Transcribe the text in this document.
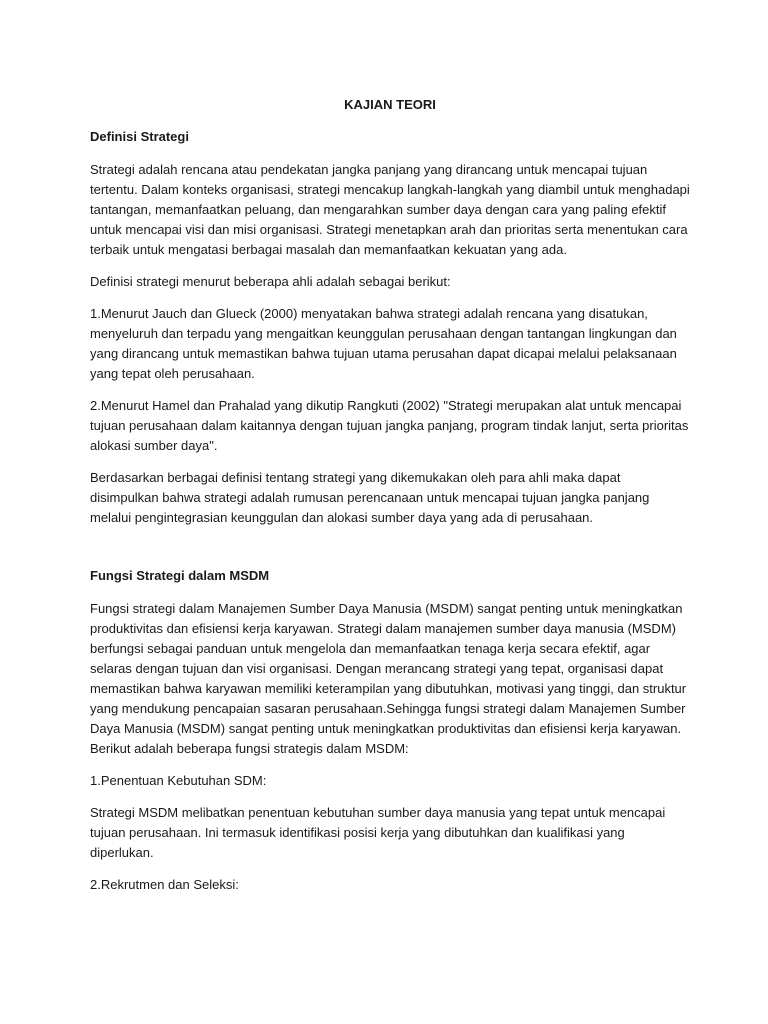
KAJIAN TEORI
Definisi Strategi

Strategi adalah rencana atau pendekatan jangka panjang yang dirancang untuk mencapai tujuan tertentu. Dalam konteks organisasi, strategi mencakup langkah-langkah yang diambil untuk menghadapi tantangan, memanfaatkan peluang, dan mengarahkan sumber daya dengan cara yang paling efektif untuk mencapai visi dan misi organisasi. Strategi menetapkan arah dan prioritas serta menentukan cara terbaik untuk mengatasi berbagai masalah dan memanfaatkan kekuatan yang ada.

Definisi strategi menurut beberapa ahli adalah sebagai berikut:

1.Menurut Jauch dan Glueck (2000) menyatakan bahwa strategi adalah rencana yang disatukan, menyeluruh dan terpadu yang mengaitkan keunggulan perusahaan dengan tantangan lingkungan dan yang dirancang untuk memastikan bahwa tujuan utama perusahan dapat dicapai melalui pelaksanaan yang tepat oleh perusahaan.

2.Menurut Hamel dan Prahalad yang dikutip Rangkuti (2002) "Strategi merupakan alat untuk mencapai tujuan perusahaan dalam kaitannya dengan tujuan jangka panjang, program tindak lanjut, serta prioritas alokasi sumber daya".

Berdasarkan berbagai definisi tentang strategi yang dikemukakan oleh para ahli maka dapat disimpulkan bahwa strategi adalah rumusan perencanaan untuk mencapai tujuan jangka panjang melalui pengintegrasian keunggulan dan alokasi sumber daya yang ada di perusahaan.

Fungsi Strategi dalam MSDM

Fungsi strategi dalam Manajemen Sumber Daya Manusia (MSDM) sangat penting untuk meningkatkan produktivitas dan efisiensi kerja karyawan. Strategi dalam manajemen sumber daya manusia (MSDM) berfungsi sebagai panduan untuk mengelola dan memanfaatkan tenaga kerja secara efektif, agar selaras dengan tujuan dan visi organisasi. Dengan merancang strategi yang tepat, organisasi dapat memastikan bahwa karyawan memiliki keterampilan yang dibutuhkan, motivasi yang tinggi, dan struktur yang mendukung pencapaian sasaran perusahaan.Sehingga fungsi strategi dalam Manajemen Sumber Daya Manusia (MSDM) sangat penting untuk meningkatkan produktivitas dan efisiensi kerja karyawan.

Berikut adalah beberapa fungsi strategis dalam MSDM:

1.Penentuan Kebutuhan SDM:

Strategi MSDM melibatkan penentuan kebutuhan sumber daya manusia yang tepat untuk mencapai tujuan perusahaan. Ini termasuk identifikasi posisi kerja yang dibutuhkan dan kualifikasi yang diperlukan.

2.Rekrutmen dan Seleksi:
